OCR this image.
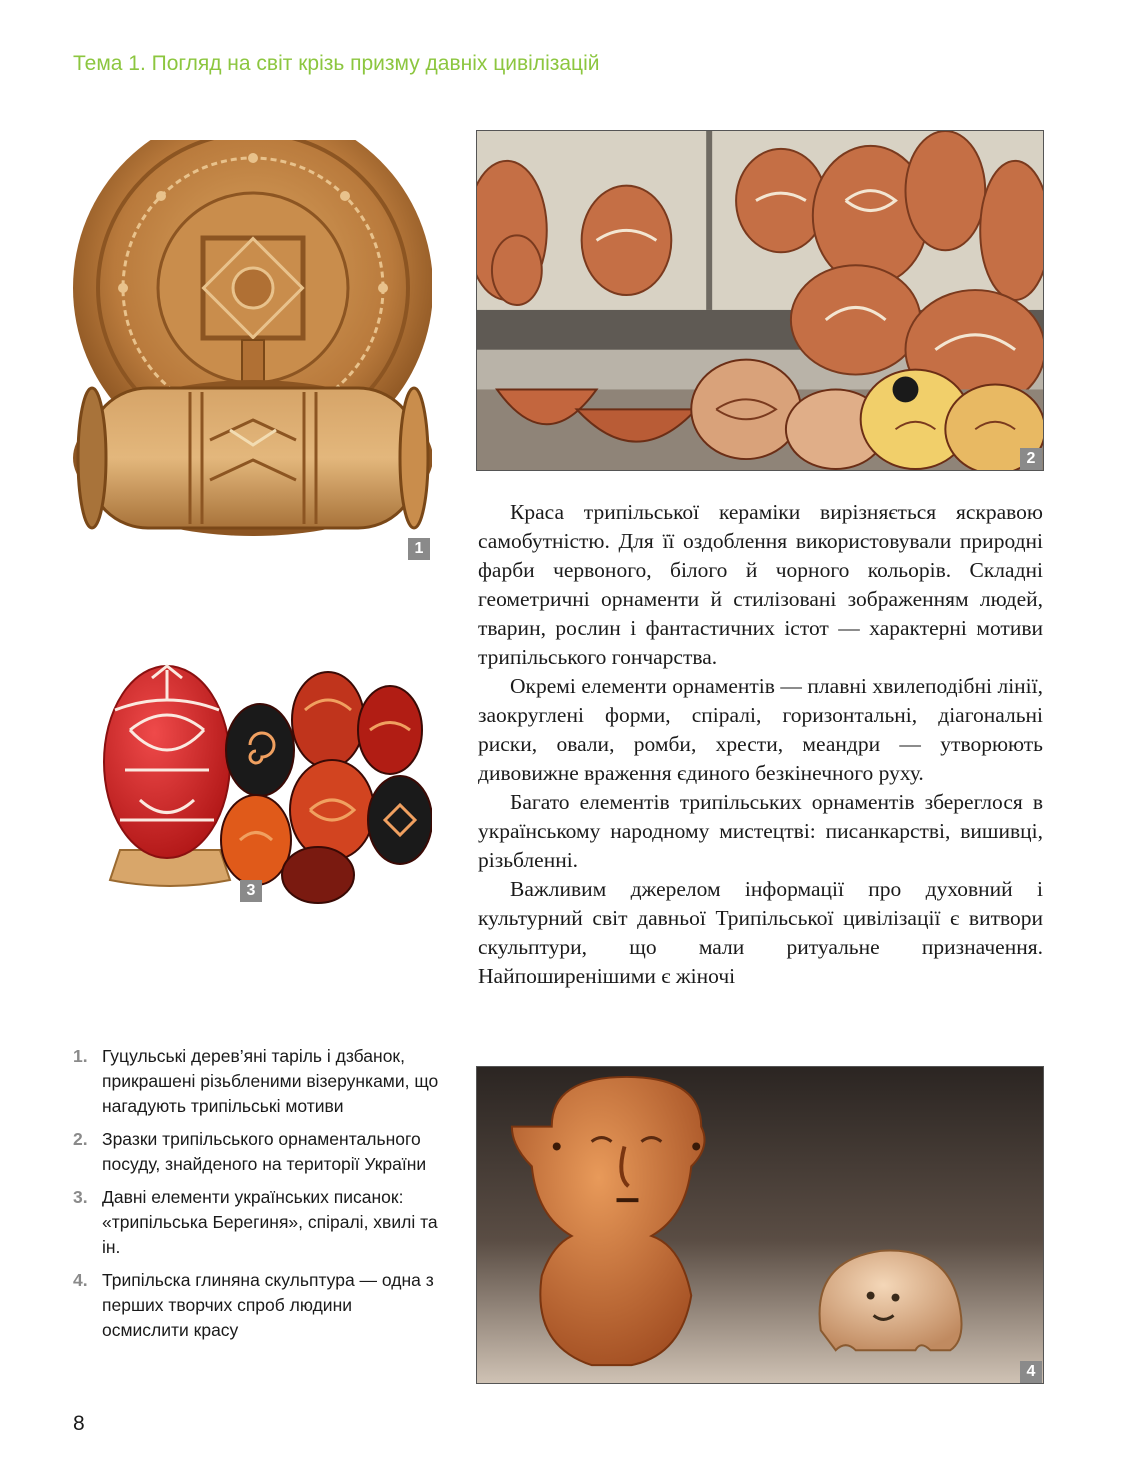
Тема 1. Погляд на світ крізь призму давніх цивілізацій
1
2
3

Краса трипільської кераміки вирізняється яскравою самобутністю. Для її оздоблення використовували природні фарби червоного, білого й чорного кольорів. Складні геометричні орнаменти й стилізовані зображенням людей, тварин, рослин і фантастичних істот — характерні мотиви трипільського гончарства.

Окремі елементи орнаментів — плавні хвилеподібні лінії, заокруглені форми, спіралі, горизонтальні, діагональні риски, овали, ромби, хрести, меандри — утворюють дивовижне враження єдиного безкінечного руху.

Багато елементів трипільських орнаментів збереглося в українському народному мистецтві: писанкарстві, вишивці, різьбленні.

Важливим джерелом інформації про духовний і культурний світ давньої Трипільської цивілізації є витвори скульптури, що мали ритуальне призначення. Найпоширенішими є жіночі

4
1. Гуцульські дерев’яні таріль і дзбанок, прикрашені різьбленими візерунками, що нагадують трипільські мотиви
2. Зразки трипільського орнаментального посуду, знайденого на території України
3. Давні елементи українських писанок: «трипільська Берегиня», спіралі, хвилі та ін.
4. Трипільска глиняна скульптура — одна з перших творчих спроб людини осмислити красу
8
